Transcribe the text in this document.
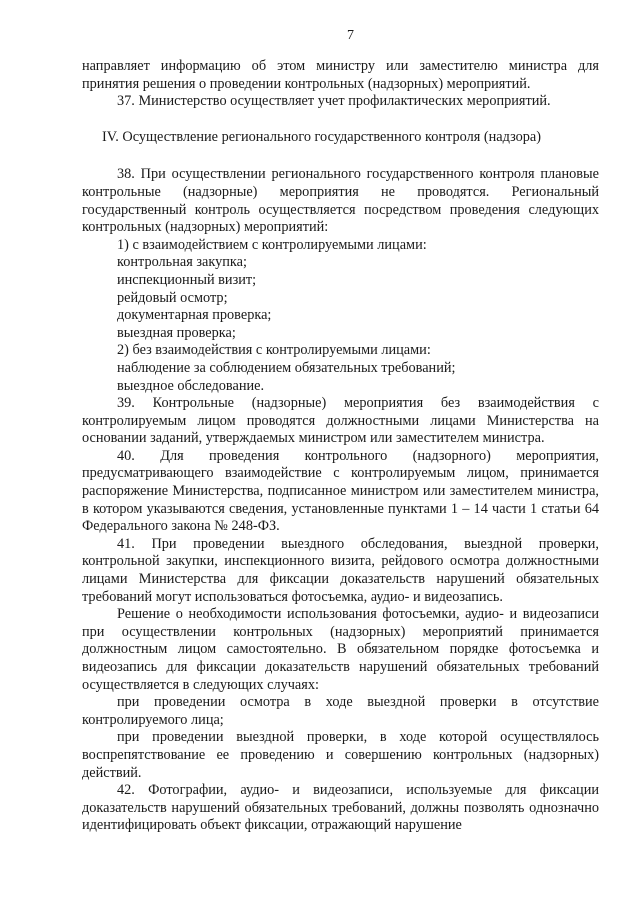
7

направляет информацию об этом министру или заместителю министра для принятия решения о проведении контрольных (надзорных) мероприятий.

37. Министерство осуществляет учет профилактических мероприятий.

IV. Осуществление регионального государственного контроля (надзора)

38. При осуществлении регионального государственного контроля плановые контрольные (надзорные) мероприятия не проводятся. Региональный государственный контроль осуществляется посредством проведения следующих контрольных (надзорных) мероприятий:

1) с взаимодействием с контролируемыми лицами:

контрольная закупка;

инспекционный визит;

рейдовый осмотр;

документарная проверка;

выездная проверка;

2) без взаимодействия с контролируемыми лицами:

наблюдение за соблюдением обязательных требований;

выездное обследование.

39. Контрольные (надзорные) мероприятия без взаимодействия с контролируемым лицом проводятся должностными лицами Министерства на основании заданий, утверждаемых министром или заместителем министра.

40. Для проведения контрольного (надзорного) мероприятия, предусматривающего взаимодействие с контролируемым лицом, принимается распоряжение Министерства, подписанное министром или заместителем министра, в котором указываются сведения, установленные пунктами 1 – 14 части 1 статьи 64 Федерального закона № 248-ФЗ.

41. При проведении выездного обследования, выездной проверки, контрольной закупки, инспекционного визита, рейдового осмотра должностными лицами Министерства для фиксации доказательств нарушений обязательных требований могут использоваться фотосъемка, аудио- и видеозапись.

Решение о необходимости использования фотосъемки, аудио- и видеозаписи при осуществлении контрольных (надзорных) мероприятий принимается должностным лицом самостоятельно. В обязательном порядке фотосъемка и видеозапись для фиксации доказательств нарушений обязательных требований осуществляется в следующих случаях:

при проведении осмотра в ходе выездной проверки в отсутствие контролируемого лица;

при проведении выездной проверки, в ходе которой осуществлялось воспрепятствование ее проведению и совершению контрольных (надзорных) действий.

42. Фотографии, аудио- и видеозаписи, используемые для фиксации доказательств нарушений обязательных требований, должны позволять однозначно идентифицировать объект фиксации, отражающий нарушение
